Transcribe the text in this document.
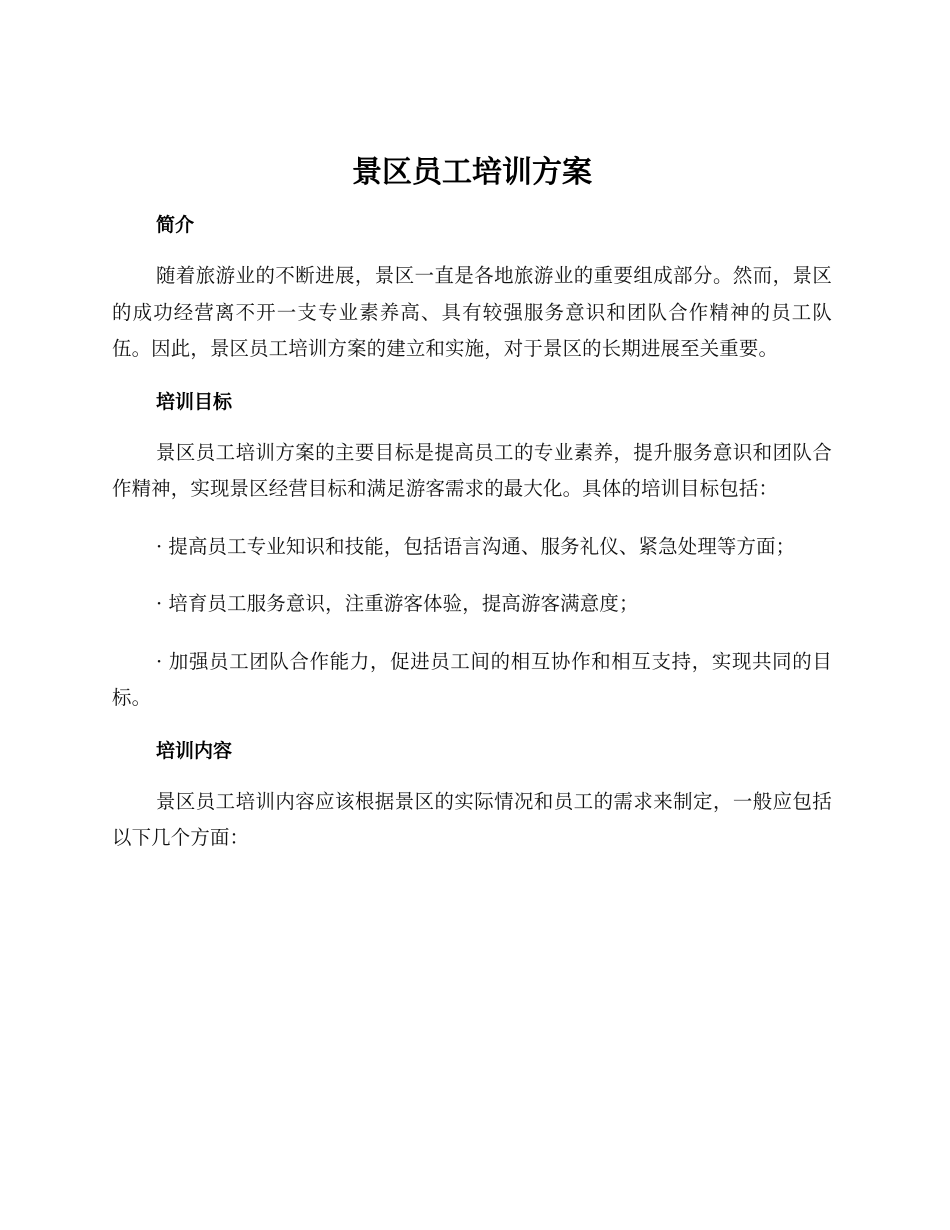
景区员工培训方案
简介

随着旅游业的不断进展，景区一直是各地旅游业的重要组成部分。然而，景区的成功经营离不开一支专业素养高、具有较强服务意识和团队合作精神的员工队伍。因此，景区员工培训方案的建立和实施，对于景区的长期进展至关重要。

培训目标

景区员工培训方案的主要目标是提高员工的专业素养，提升服务意识和团队合作精神，实现景区经营目标和满足游客需求的最大化。具体的培训目标包括：

· 提高员工专业知识和技能，包括语言沟通、服务礼仪、紧急处理等方面；

· 培育员工服务意识，注重游客体验，提高游客满意度；

· 加强员工团队合作能力，促进员工间的相互协作和相互支持，实现共同的目标。

培训内容

景区员工培训内容应该根据景区的实际情况和员工的需求来制定，一般应包括以下几个方面：
